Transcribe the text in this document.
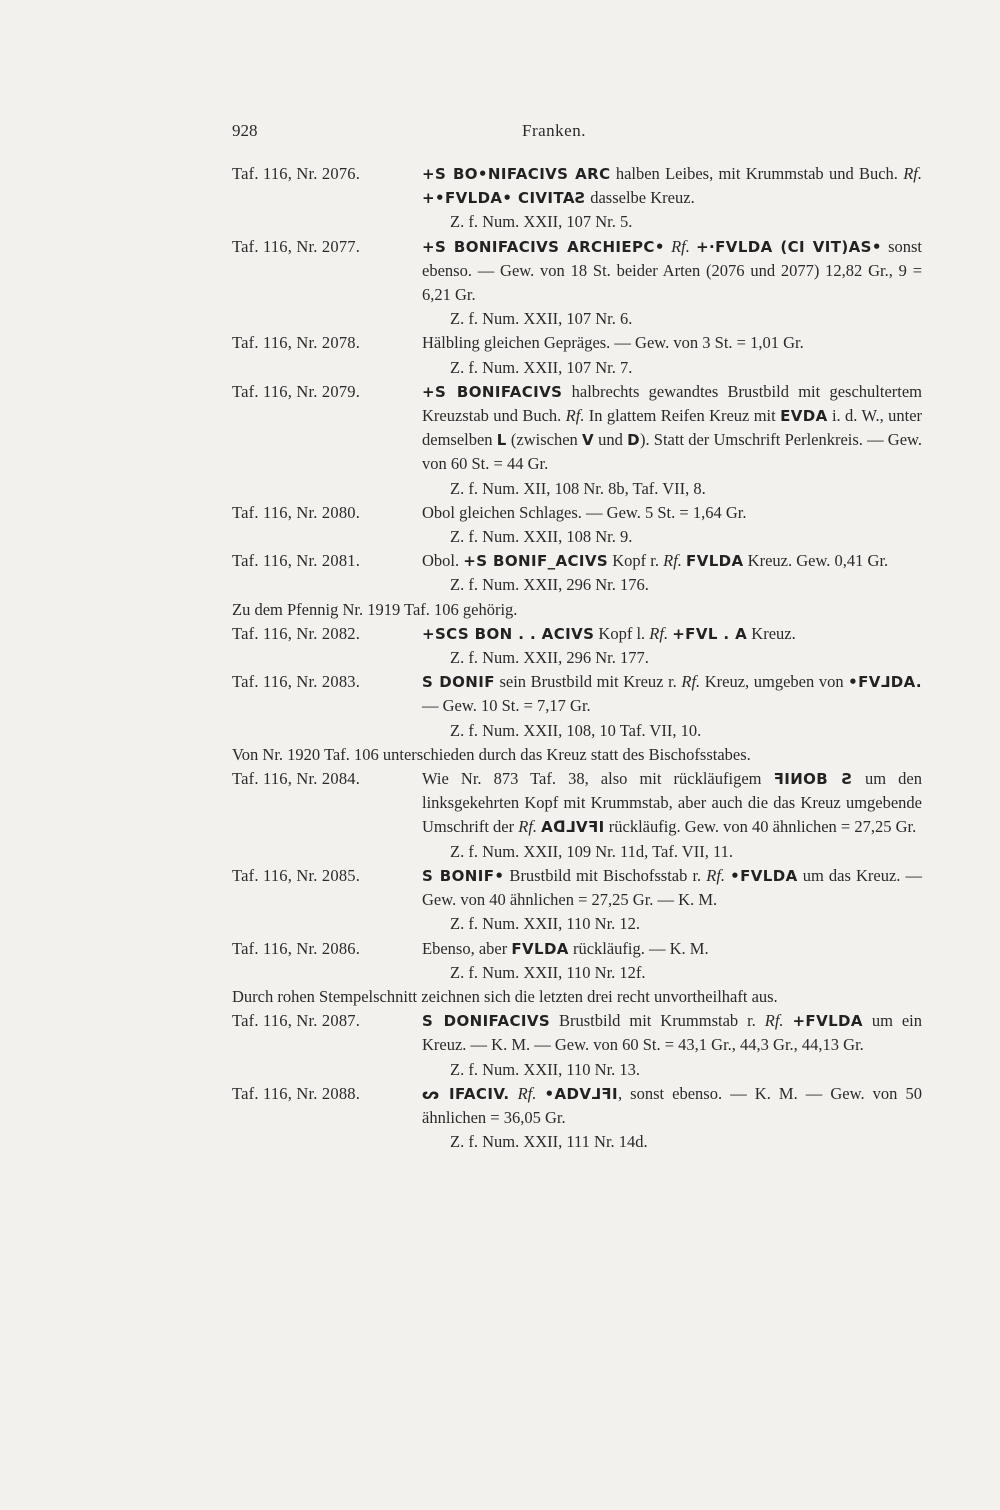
928	Franken.
Taf. 116, Nr. 2076.	+S BO•NIFACIVS ARC halben Leibes, mit Krummstab und Buch. Rf. +•FVLDA• CIVITAƧ dasselbe Kreuz.
Z. f. Num. XXII, 107 Nr. 5.
Taf. 116, Nr. 2077.	+S BONIFACIVS ARCHIEPC• Rf. +·FVLDA (CI VIT)AS• sonst ebenso. — Gew. von 18 St. beider Arten (2076 und 2077) 12,82 Gr., 9 = 6,21 Gr.
Z. f. Num. XXII, 107 Nr. 6.
Taf. 116, Nr. 2078.	Hälbling gleichen Gepräges. — Gew. von 3 St. = 1,01 Gr.
Z. f. Num. XXII, 107 Nr. 7.
Taf. 116, Nr. 2079.	+S BONIFACIVS halbrechts gewandtes Brustbild mit geschultertem Kreuzstab und Buch. Rf. In glattem Reifen Kreuz mit EVDA i. d. W., unter demselben L (zwischen V und D). Statt der Umschrift Perlenkreis. — Gew. von 60 St. = 44 Gr.
Z. f. Num. XII, 108 Nr. 8b, Taf. VII, 8.
Taf. 116, Nr. 2080.	Obol gleichen Schlages. — Gew. 5 St. = 1,64 Gr.
Z. f. Num. XXII, 108 Nr. 9.
Taf. 116, Nr. 2081.	Obol. +S BONIF_ACIVS Kopf r. Rf. FVLDA Kreuz. Gew. 0,41 Gr.
Z. f. Num. XXII, 296 Nr. 176.
Zu dem Pfennig Nr. 1919 Taf. 106 gehörig.
Taf. 116, Nr. 2082.	+SCS BON . . ACIVS Kopf l. Rf. +FVL . A Kreuz.
Z. f. Num. XXII, 296 Nr. 177.
Taf. 116, Nr. 2083.	S DONIF sein Brustbild mit Kreuz r. Rf. Kreuz, umgeben von •FV⅃DA. — Gew. 10 St. = 7,17 Gr.
Z. f. Num. XXII, 108, 10 Taf. VII, 10.
Von Nr. 1920 Taf. 106 unterschieden durch das Kreuz statt des Bischofsstabes.
Taf. 116, Nr. 2084.	Wie Nr. 873 Taf. 38, also mit rückläufigem ꟻIИOB Ƨ um den linksgekehrten Kopf mit Krummstab, aber auch die das Kreuz umgebende Umschrift der Rf. Aᗡ⅃VꟻI rückläufig. Gew. von 40 ähnlichen = 27,25 Gr.
Z. f. Num. XXII, 109 Nr. 11d, Taf. VII, 11.
Taf. 116, Nr. 2085.	S BONIF• Brustbild mit Bischofsstab r. Rf. •FVLDA um das Kreuz. — Gew. von 40 ähnlichen = 27,25 Gr. — K. M.
Z. f. Num. XXII, 110 Nr. 12.
Taf. 116, Nr. 2086.	Ebenso, aber FVLDA rückläufig. — K. M.
Z. f. Num. XXII, 110 Nr. 12f.
Durch rohen Stempelschnitt zeichnen sich die letzten drei recht unvortheilhaft aus.
Taf. 116, Nr. 2087.	S DONIFACIVS Brustbild mit Krummstab r. Rf. +FVLDA um ein Kreuz. — K. M. — Gew. von 60 St. = 43,1 Gr., 44,3 Gr., 44,13 Gr.
Z. f. Num. XXII, 110 Nr. 13.
Taf. 116, Nr. 2088.	ᔕ IFACIV. Rf. •ADV⅃ꟻI, sonst ebenso. — K. M. — Gew. von 50 ähnlichen = 36,05 Gr.
Z. f. Num. XXII, 111 Nr. 14d.
